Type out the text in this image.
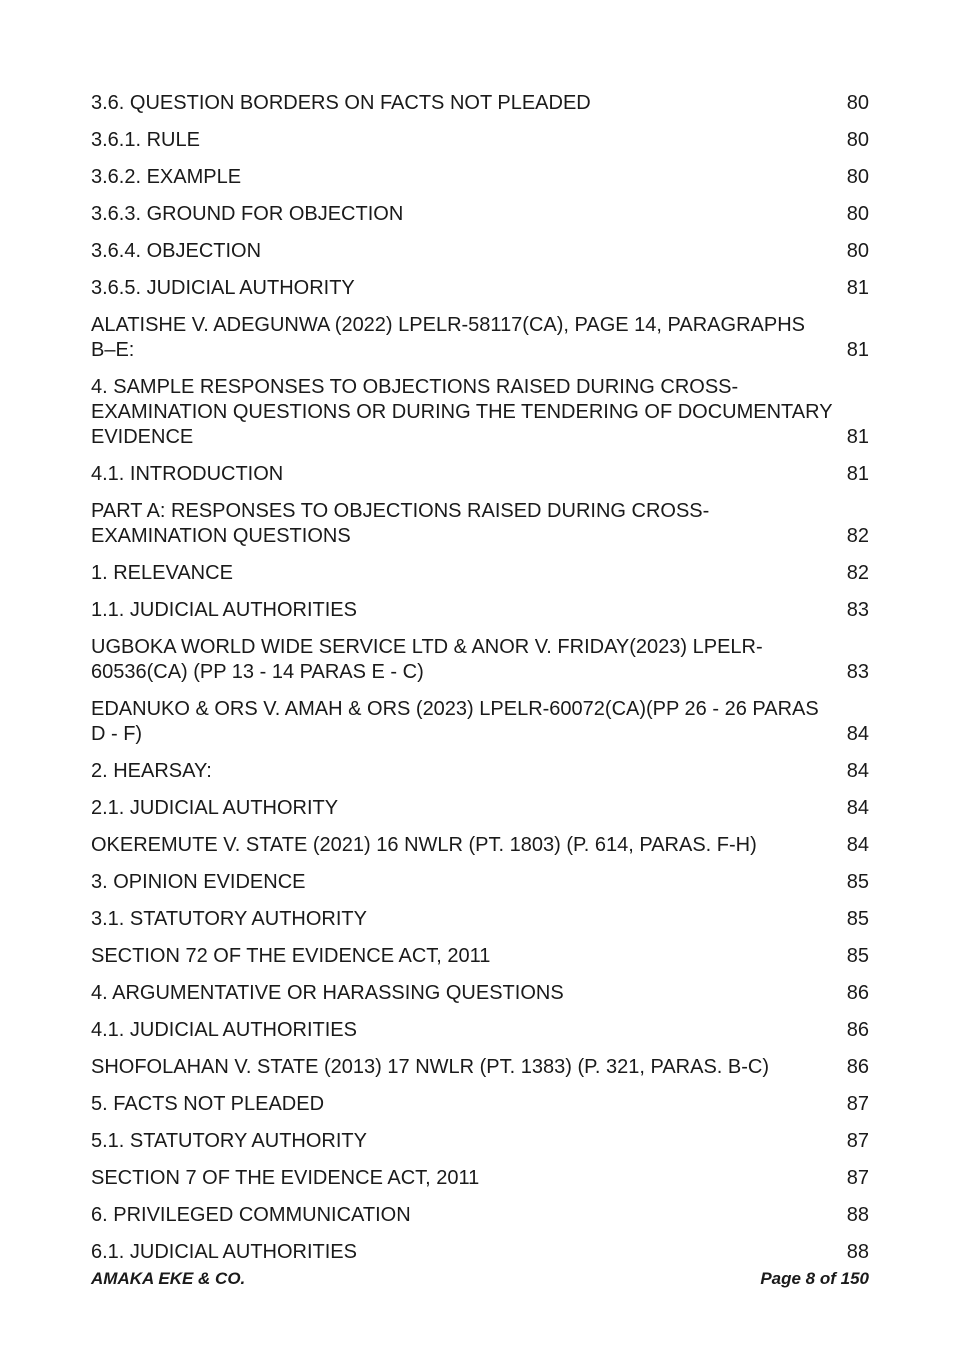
3.6. QUESTION BORDERS ON FACTS NOT PLEADED	80
3.6.1. RULE	80
3.6.2. EXAMPLE	80
3.6.3. GROUND FOR OBJECTION	80
3.6.4. OBJECTION	80
3.6.5. JUDICIAL AUTHORITY	81
ALATISHE V. ADEGUNWA (2022) LPELR-58117(CA), PAGE 14, PARAGRAPHS B–E:	81
4. SAMPLE RESPONSES TO OBJECTIONS RAISED DURING CROSS-EXAMINATION QUESTIONS OR DURING THE TENDERING OF DOCUMENTARY EVIDENCE	81
4.1. INTRODUCTION	81
PART A: RESPONSES TO OBJECTIONS RAISED DURING CROSS-EXAMINATION QUESTIONS	82
1. RELEVANCE	82
1.1. JUDICIAL AUTHORITIES	83
UGBOKA WORLD WIDE SERVICE LTD & ANOR V. FRIDAY(2023) LPELR-60536(CA) (PP 13 - 14 PARAS E - C)	83
EDANUKO & ORS V. AMAH & ORS (2023) LPELR-60072(CA)(PP 26 - 26 PARAS D - F)	84
2. HEARSAY:	84
2.1. JUDICIAL AUTHORITY	84
OKEREMUTE V. STATE (2021) 16 NWLR (PT. 1803) (P. 614, PARAS. F-H)	84
3. OPINION EVIDENCE	85
3.1. STATUTORY AUTHORITY	85
SECTION 72 OF THE EVIDENCE ACT, 2011	85
4. ARGUMENTATIVE OR HARASSING QUESTIONS	86
4.1. JUDICIAL AUTHORITIES	86
SHOFOLAHAN V. STATE (2013) 17 NWLR (PT. 1383) (P. 321, PARAS. B-C)	86
5. FACTS NOT PLEADED	87
5.1. STATUTORY AUTHORITY	87
SECTION 7 OF THE EVIDENCE ACT, 2011	87
6. PRIVILEGED COMMUNICATION	88
6.1. JUDICIAL AUTHORITIES	88
AMAKA EKE & CO.	Page 8 of 150
